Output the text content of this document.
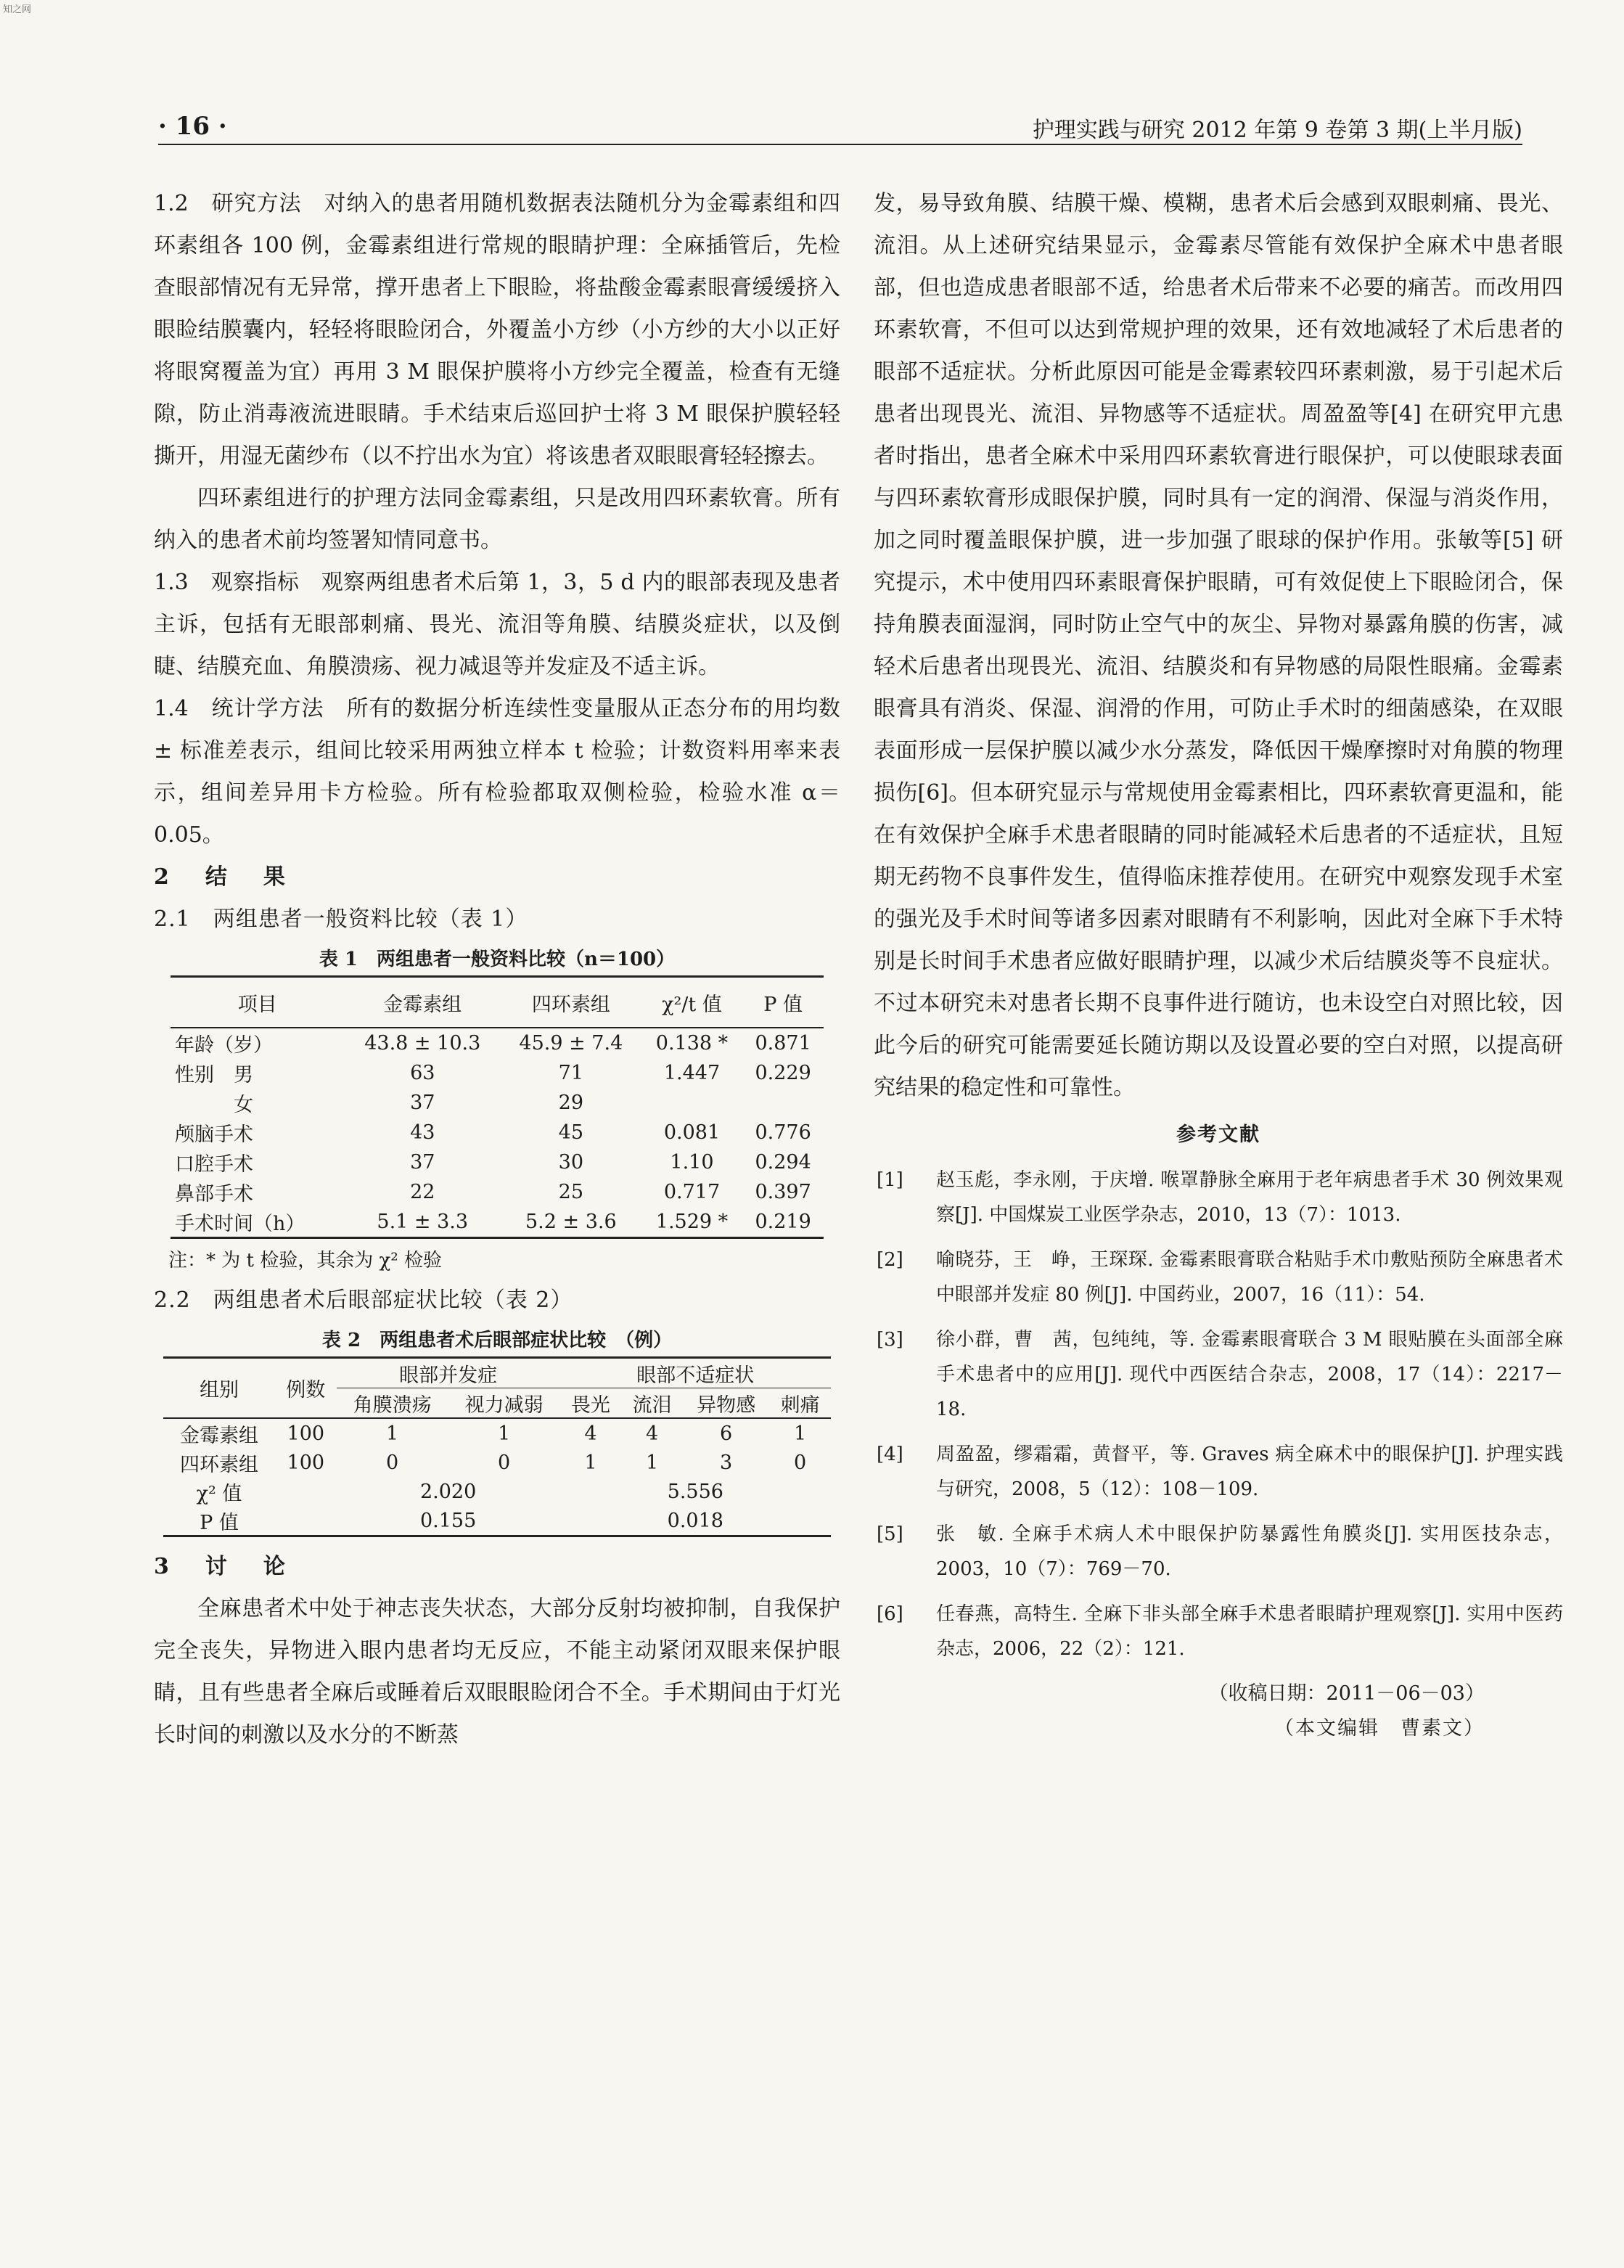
知之网
· 16 ·	护理实践与研究 2012 年第 9 卷第 3 期(上半月版)

1.2　研究方法　对纳入的患者用随机数据表法随机分为金霉素组和四环素组各 100 例，金霉素组进行常规的眼睛护理：全麻插管后，先检查眼部情况有无异常，撑开患者上下眼睑，将盐酸金霉素眼膏缓缓挤入眼睑结膜囊内，轻轻将眼睑闭合，外覆盖小方纱（小方纱的大小以正好将眼窝覆盖为宜）再用 3 M 眼保护膜将小方纱完全覆盖，检查有无缝隙，防止消毒液流进眼睛。手术结束后巡回护士将 3 M 眼保护膜轻轻撕开，用湿无菌纱布（以不拧出水为宜）将该患者双眼眼膏轻轻擦去。

四环素组进行的护理方法同金霉素组，只是改用四环素软膏。所有纳入的患者术前均签署知情同意书。

1.3　观察指标　观察两组患者术后第 1，3，5 d 内的眼部表现及患者主诉，包括有无眼部刺痛、畏光、流泪等角膜、结膜炎症状，以及倒睫、结膜充血、角膜溃疡、视力减退等并发症及不适主诉。

1.4　统计学方法　所有的数据分析连续性变量服从正态分布的用均数 ± 标准差表示，组间比较采用两独立样本 t 检验；计数资料用率来表示，组间差异用卡方检验。所有检验都取双侧检验，检验水准 α＝0.05。

2　结　果

2.1　两组患者一般资料比较（表 1）

表 1　两组患者一般资料比较（n＝100）
项目	金霉素组	四环素组	χ²/t 值	P 值
年龄（岁）	43.8 ± 10.3	45.9 ± 7.4	0.138 *	0.871
性别　男	63	71	1.447	0.229
　　　女	37	29		
颅脑手术	43	45	0.081	0.776
口腔手术	37	30	1.10	0.294
鼻部手术	22	25	0.717	0.397
手术时间（h）	5.1 ± 3.3	5.2 ± 3.6	1.529 *	0.219
注：* 为 t 检验，其余为 χ² 检验

2.2　两组患者术后眼部症状比较（表 2）

表 2　两组患者术后眼部症状比较　（例）
组别	例数	眼部并发症		眼部不适症状			
		角膜溃疡	视力减弱	畏光	流泪	异物感	刺痛
金霉素组	100	1	1	4	4	6	1
四环素组	100	0	0	1	1	3	0
χ² 值		2.020		5.556			
P 值		0.155		0.018			

3　讨　论

全麻患者术中处于神志丧失状态，大部分反射均被抑制，自我保护完全丧失，异物进入眼内患者均无反应，不能主动紧闭双眼来保护眼睛，且有些患者全麻后或睡着后双眼眼睑闭合不全。手术期间由于灯光长时间的刺激以及水分的不断蒸

发，易导致角膜、结膜干燥、模糊，患者术后会感到双眼刺痛、畏光、流泪。从上述研究结果显示，金霉素尽管能有效保护全麻术中患者眼部，但也造成患者眼部不适，给患者术后带来不必要的痛苦。而改用四环素软膏，不但可以达到常规护理的效果，还有效地减轻了术后患者的眼部不适症状。分析此原因可能是金霉素较四环素刺激，易于引起术后患者出现畏光、流泪、异物感等不适症状。周盈盈等[4] 在研究甲亢患者时指出，患者全麻术中采用四环素软膏进行眼保护，可以使眼球表面与四环素软膏形成眼保护膜，同时具有一定的润滑、保湿与消炎作用，加之同时覆盖眼保护膜，进一步加强了眼球的保护作用。张敏等[5] 研究提示，术中使用四环素眼膏保护眼睛，可有效促使上下眼睑闭合，保持角膜表面湿润，同时防止空气中的灰尘、异物对暴露角膜的伤害，减轻术后患者出现畏光、流泪、结膜炎和有异物感的局限性眼痛。金霉素眼膏具有消炎、保湿、润滑的作用，可防止手术时的细菌感染，在双眼表面形成一层保护膜以减少水分蒸发，降低因干燥摩擦时对角膜的物理损伤[6]。但本研究显示与常规使用金霉素相比，四环素软膏更温和，能在有效保护全麻手术患者眼睛的同时能减轻术后患者的不适症状，且短期无药物不良事件发生，值得临床推荐使用。在研究中观察发现手术室的强光及手术时间等诸多因素对眼睛有不利影响，因此对全麻下手术特别是长时间手术患者应做好眼睛护理，以减少术后结膜炎等不良症状。不过本研究未对患者长期不良事件进行随访，也未设空白对照比较，因此今后的研究可能需要延长随访期以及设置必要的空白对照，以提高研究结果的稳定性和可靠性。

参考文献
[1]	赵玉彪，李永刚，于庆增. 喉罩静脉全麻用于老年病患者手术 30 例效果观察[J]. 中国煤炭工业医学杂志，2010，13（7）：1013.
[2]	喻晓芬，王　峥，王琛琛. 金霉素眼膏联合粘贴手术巾敷贴预防全麻患者术中眼部并发症 80 例[J]. 中国药业，2007，16（11）：54.
[3]	徐小群，曹　茜，包纯纯，等. 金霉素眼膏联合 3 M 眼贴膜在头面部全麻手术患者中的应用[J]. 现代中西医结合杂志，2008，17（14）：2217－18.
[4]	周盈盈，缪霜霜，黄督平，等. Graves 病全麻术中的眼保护[J]. 护理实践与研究，2008，5（12）：108－109.
[5]	张　敏. 全麻手术病人术中眼保护防暴露性角膜炎[J]. 实用医技杂志，2003，10（7）：769－70.
[6]	任春燕，高特生. 全麻下非头部全麻手术患者眼睛护理观察[J]. 实用中医药杂志，2006，22（2）：121.
（收稿日期：2011－06－03）
（本文编辑　曹素文）
